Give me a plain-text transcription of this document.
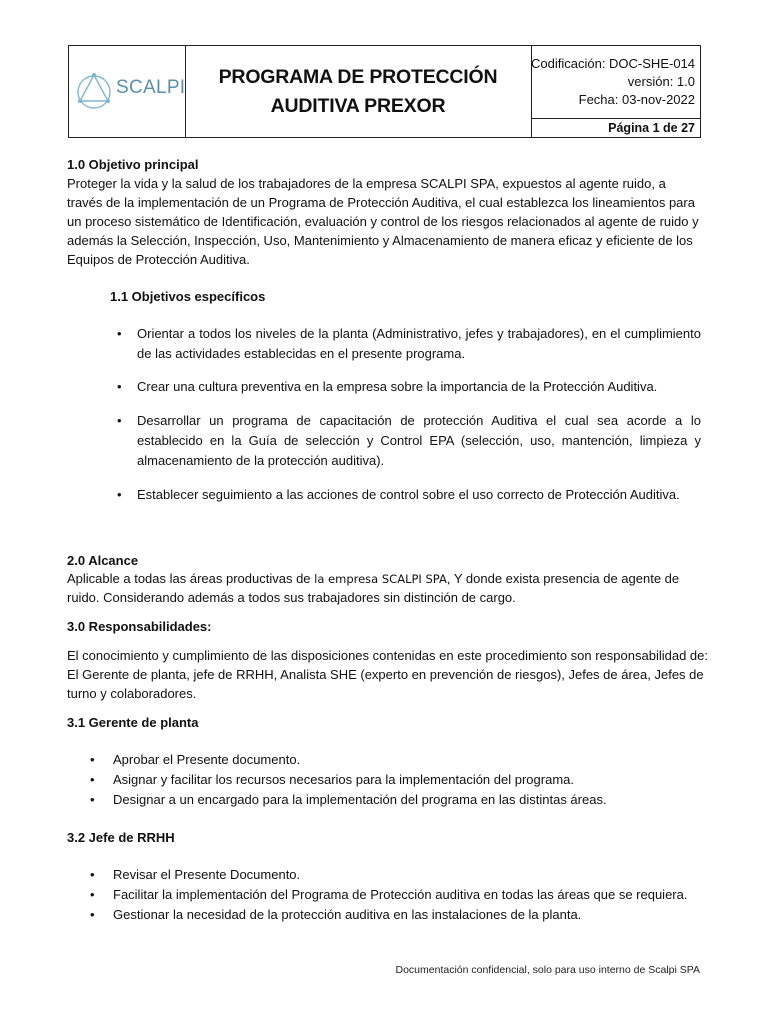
SCALPI PROGRAMA DE PROTECCIÓN
AUDITIVA PREXOR
Codificación: DOC-SHE-014
versión: 1.0
Fecha: 03-nov-2022
Página 1 de 27
1.0 Objetivo principal
Proteger la vida y la salud de los trabajadores de la empresa SCALPI SPA, expuestos al agente ruido, a través de la implementación de un Programa de Protección Auditiva, el cual establezca los lineamientos para un proceso sistemático de Identificación, evaluación y control de los riesgos relacionados al agente de ruido y además la Selección, Inspección, Uso, Mantenimiento y Almacenamiento de manera eficaz y eficiente de los Equipos de Protección Auditiva.
1.1 Objetivos específicos
• Orientar a todos los niveles de la planta (Administrativo, jefes y trabajadores), en el cumplimiento de las actividades establecidas en el presente programa.
• Crear una cultura preventiva en la empresa sobre la importancia de la Protección Auditiva.
• Desarrollar un programa de capacitación de protección Auditiva el cual sea acorde a lo establecido en la Guía de selección y Control EPA (selección, uso, mantención, limpieza y almacenamiento de la protección auditiva).
• Establecer seguimiento a las acciones de control sobre el uso correcto de Protección Auditiva.
2.0 Alcance
Aplicable a todas las áreas productivas de la empresa SCALPI SPA, Y donde exista presencia de agente de
ruido. Considerando además a todos sus trabajadores sin distinción de cargo.
3.0 Responsabilidades:
El conocimiento y cumplimiento de las disposiciones contenidas en este procedimiento son responsabilidad de:
El Gerente de planta, jefe de RRHH, Analista SHE (experto en prevención de riesgos), Jefes de área, Jefes de
turno y colaboradores.
3.1 Gerente de planta
• Aprobar el Presente documento.
• Asignar y facilitar los recursos necesarios para la implementación del programa.
• Designar a un encargado para la implementación del programa en las distintas áreas.
3.2 Jefe de RRHH
• Revisar el Presente Documento.
• Facilitar la implementación del Programa de Protección auditiva en todas las áreas que se requiera.
• Gestionar la necesidad de la protección auditiva en las instalaciones de la planta.
Documentación confidencial, solo para uso interno de Scalpi SPA
